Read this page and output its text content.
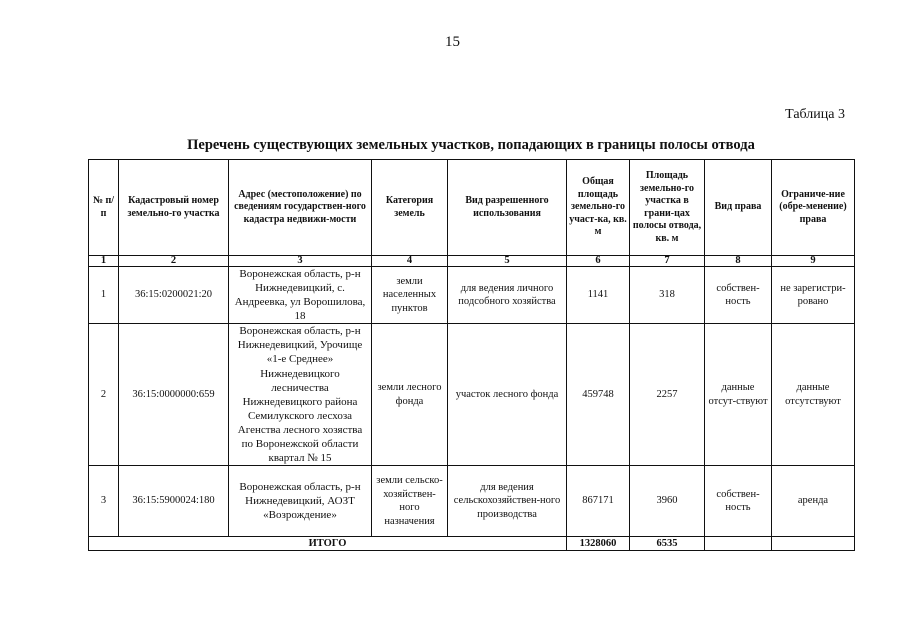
15
Таблица 3
Перечень существующих земельных участков, попадающих в границы полосы отвода
№ п/п	Кадастровый номер земельно-го участка	Адрес (местоположение) по сведениям государствен-ного кадастра недвижи-мости	Категория земель	Вид разрешенного использования	Общая площадь земельно-го участ-ка, кв. м	Площадь земельно-го участка в грани-цах полосы отвода, кв. м	Вид права	Ограниче-ние (обре-менение) права
1	2	3	4	5	6	7	8	9
1	36:15:0200021:20	Воронежская область, р-н Нижнедевицкий, с. Андреевка, ул Ворошилова, 18	земли населенных пунктов	для ведения личного подсобного хозяйства	1141	318	собствен-ность	не зарегистри-ровано
2	36:15:0000000:659	Воронежская область, р-н Нижнедевицкий, Урочище «1-е Среднее» Нижнедевицкого лесничества Нижнедевицкого района Семилукского лесхоза Агенства лесного хозяства по Воронежской области квартал № 15	земли лесного фонда	участок лесного фонда	459748	2257	данные отсут-ствуют	данные отсутствуют
3	36:15:5900024:180	Воронежская область, р-н Нижнедевицкий, АОЗТ «Возрождение»	земли сельско-хозяйствен-ного назначения	для ведения сельскохозяйствен-ного производства	867171	3960	собствен-ность	аренда
ИТОГО					1328060	6535		
